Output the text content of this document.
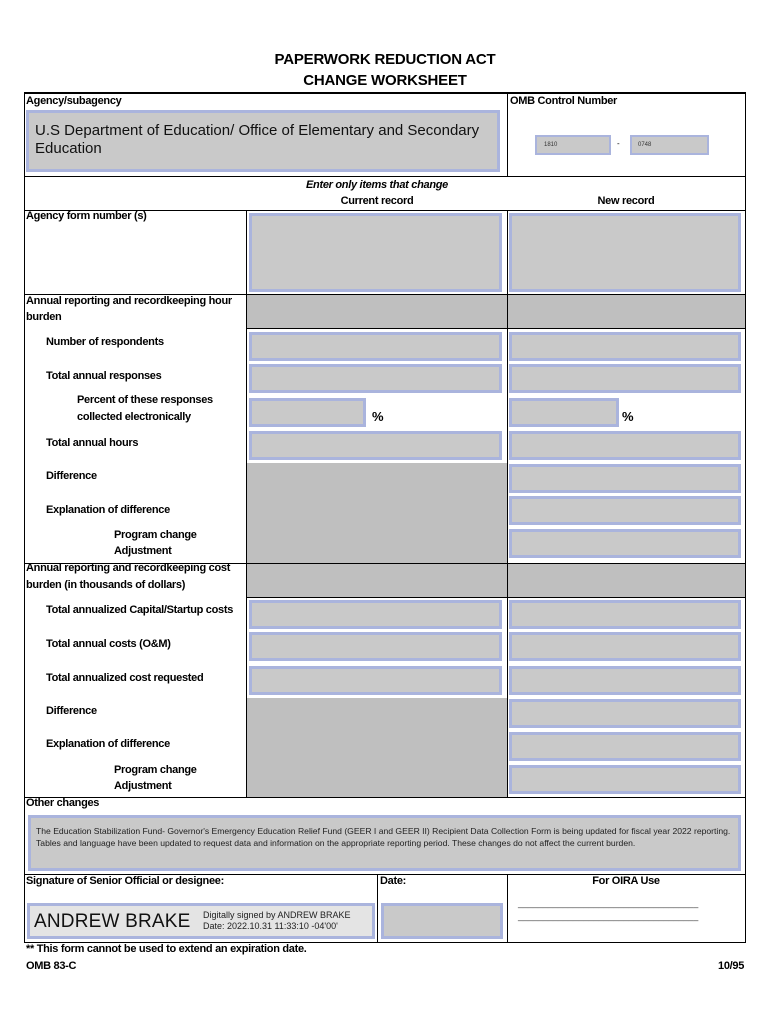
PAPERWORK REDUCTION ACT
CHANGE WORKSHEET
Agency/subagency
U.S Department of Education/ Office of Elementary and Secondary Education
OMB Control Number
1810	-	0748
Enter only items that change
Current record	New record
Agency form number (s)
Annual reporting and recordkeeping hour
burden
Number of respondents
Total annual responses
Percent of these responses
collected electronically	%	%
Total annual hours
Difference
Explanation of difference
Program change
Adjustment
Annual reporting and recordkeeping cost
burden (in thousands of dollars)
Total annualized Capital/Startup costs
Total annual costs (O&M)
Total annualized cost requested
Difference
Explanation of difference
Program change
Adjustment
Other changes
The Education Stabilization Fund- Governor's Emergency Education Relief Fund (GEER I and GEER II) Recipient Data Collection Form is being updated for fiscal year 2022 reporting. Tables and language have been updated to request data and information on the appropriate reporting period. These changes do not affect the current burden.
Signature of Senior Official or designee:
ANDREW BRAKE Digitally signed by ANDREW BRAKE
Date: 2022.10.31 11:33:10 -04'00'
Date:	For OIRA Use
____________________________________
____________________________________
** This form cannot be used to extend an expiration date.
OMB 83-C	10/95
